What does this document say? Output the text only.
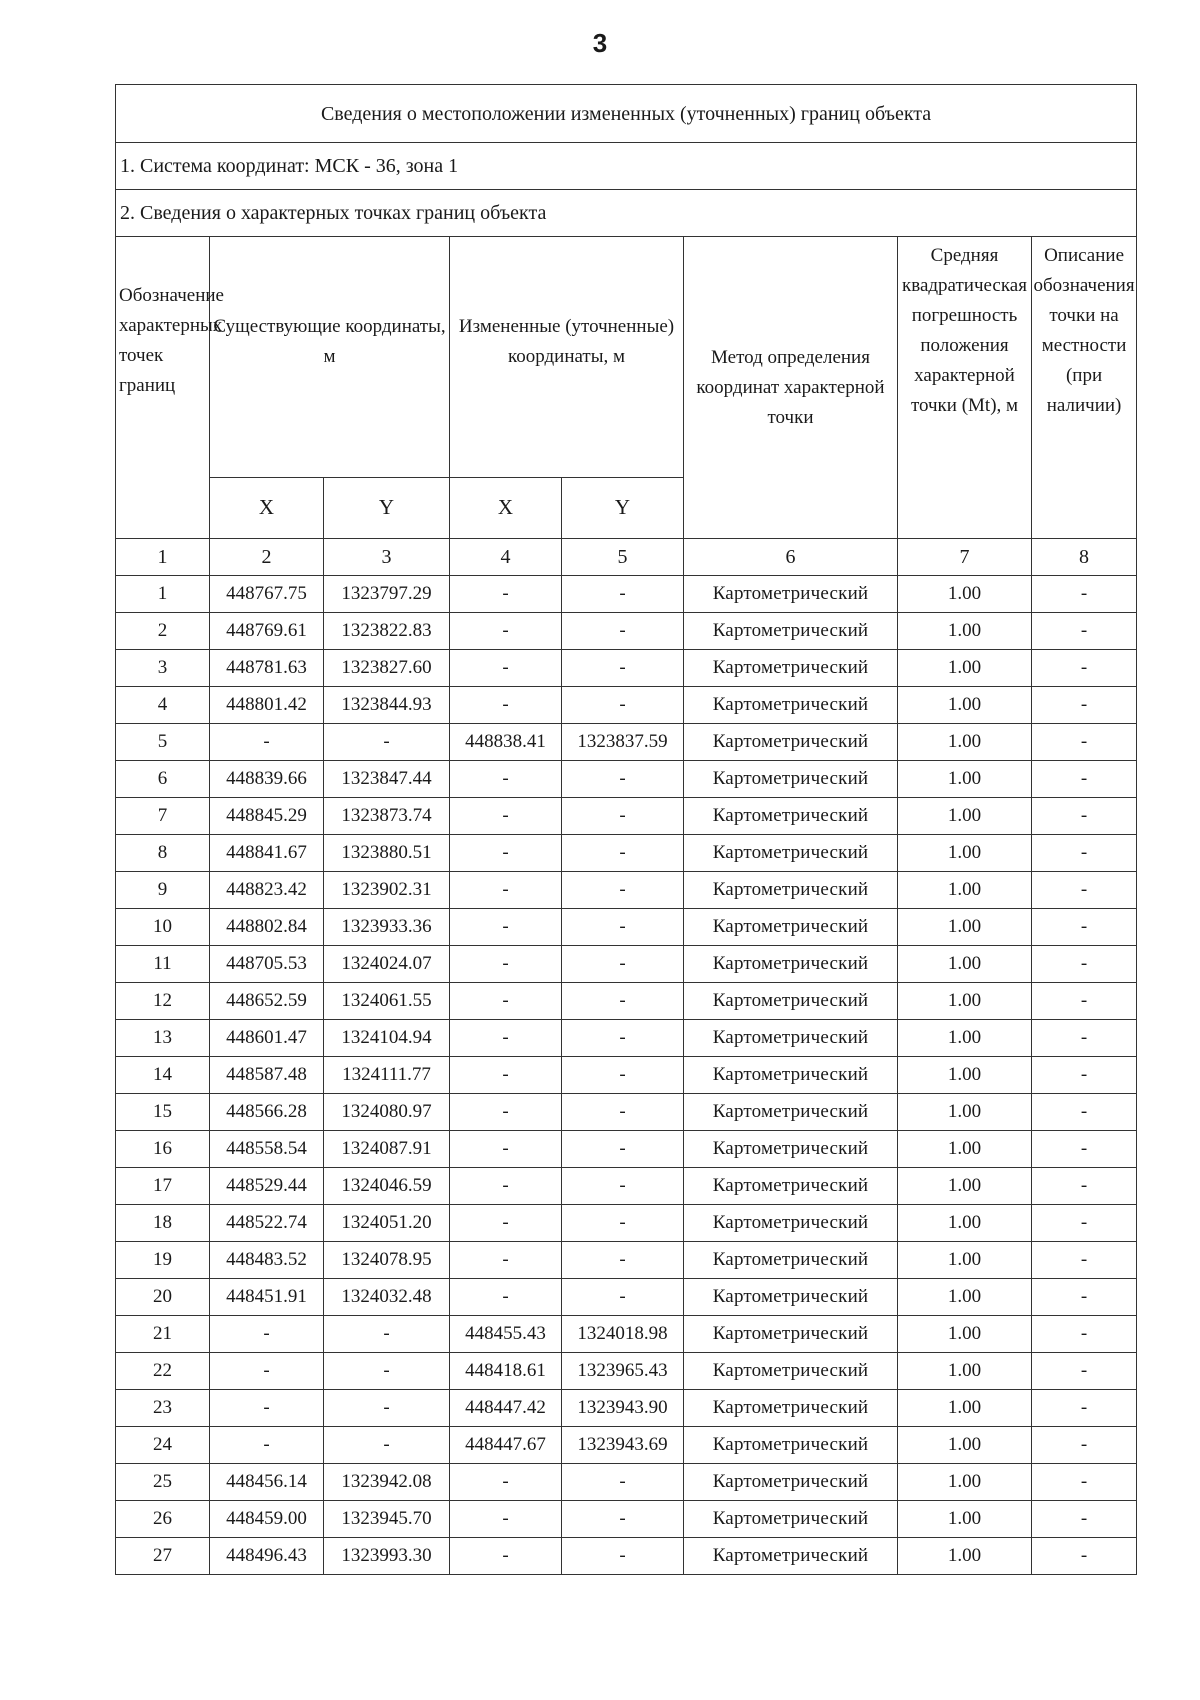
3
Сведения о местоположении измененных (уточненных) границ объекта							
1. Система координат: МСК - 36, зона 1							
2. Сведения о характерных точках границ объекта							
Обозначение характерных точек границ	Существующие координаты, м		Измененные (уточненные) координаты, м		Метод определения координат характерной точки	Средняя квадратическая погрешность положения характерной точки (Mt), м	Описание обозначения точки на местности (при наличии)
	X	Y	X	Y			
1	2	3	4	5	6	7	8
1	448767.75	1323797.29	-	-	Картометрический	1.00	-
2	448769.61	1323822.83	-	-	Картометрический	1.00	-
3	448781.63	1323827.60	-	-	Картометрический	1.00	-
4	448801.42	1323844.93	-	-	Картометрический	1.00	-
5	-	-	448838.41	1323837.59	Картометрический	1.00	-
6	448839.66	1323847.44	-	-	Картометрический	1.00	-
7	448845.29	1323873.74	-	-	Картометрический	1.00	-
8	448841.67	1323880.51	-	-	Картометрический	1.00	-
9	448823.42	1323902.31	-	-	Картометрический	1.00	-
10	448802.84	1323933.36	-	-	Картометрический	1.00	-
11	448705.53	1324024.07	-	-	Картометрический	1.00	-
12	448652.59	1324061.55	-	-	Картометрический	1.00	-
13	448601.47	1324104.94	-	-	Картометрический	1.00	-
14	448587.48	1324111.77	-	-	Картометрический	1.00	-
15	448566.28	1324080.97	-	-	Картометрический	1.00	-
16	448558.54	1324087.91	-	-	Картометрический	1.00	-
17	448529.44	1324046.59	-	-	Картометрический	1.00	-
18	448522.74	1324051.20	-	-	Картометрический	1.00	-
19	448483.52	1324078.95	-	-	Картометрический	1.00	-
20	448451.91	1324032.48	-	-	Картометрический	1.00	-
21	-	-	448455.43	1324018.98	Картометрический	1.00	-
22	-	-	448418.61	1323965.43	Картометрический	1.00	-
23	-	-	448447.42	1323943.90	Картометрический	1.00	-
24	-	-	448447.67	1323943.69	Картометрический	1.00	-
25	448456.14	1323942.08	-	-	Картометрический	1.00	-
26	448459.00	1323945.70	-	-	Картометрический	1.00	-
27	448496.43	1323993.30	-	-	Картометрический	1.00	-
